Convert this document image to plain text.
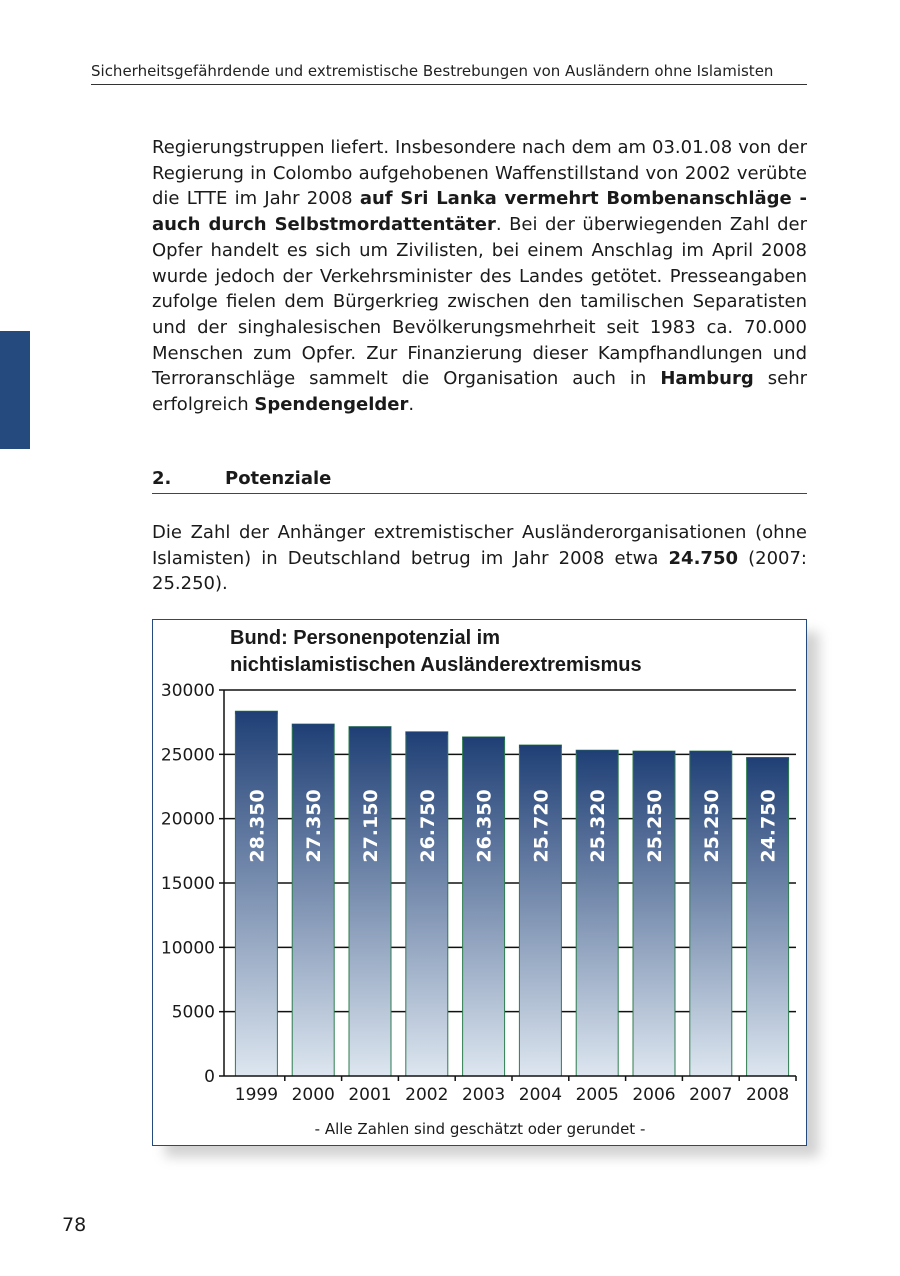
Sicherheitsgefährdende und extremistische Bestrebungen von Ausländern ohne Islamisten
Regierungstruppen liefert. Insbesondere nach dem am 03.01.08 von der Regierung in Colombo aufgehobenen Waffenstillstand von 2002 verübte die LTTE im Jahr 2008 auf Sri Lanka vermehrt Bombenanschläge - auch durch Selbstmordattentäter. Bei der überwiegenden Zahl der Opfer handelt es sich um Zivilisten, bei einem Anschlag im April 2008 wurde jedoch der Verkehrsminister des Landes getötet. Presseangaben zufolge fielen dem Bürgerkrieg zwischen den tamilischen Separatisten und der singhalesischen Bevölkerungsmehrheit seit 1983 ca. 70.000 Menschen zum Opfer. Zur Finanzierung dieser Kampfhandlungen und Terroranschläge sammelt die Organisation auch in Hamburg sehr erfolgreich Spendengelder.
2.	Potenziale
Die Zahl der Anhänger extremistischer Ausländerorganisationen (ohne Islamisten) in Deutschland betrug im Jahr 2008 etwa 24.750 (2007: 25.250).
Bund: Personenpotenzial im
nichtislamistischen Ausländerextremismus
28.350 27.350 27.150 26.750 26.350 25.720 25.320 25.250 25.250 24.750
0
5000
10000
15000
20000
25000
30000
1999 2000 2001 2002 2003 2004 2005 2006 2007 2008
- Alle Zahlen sind geschätzt oder gerundet -
78
